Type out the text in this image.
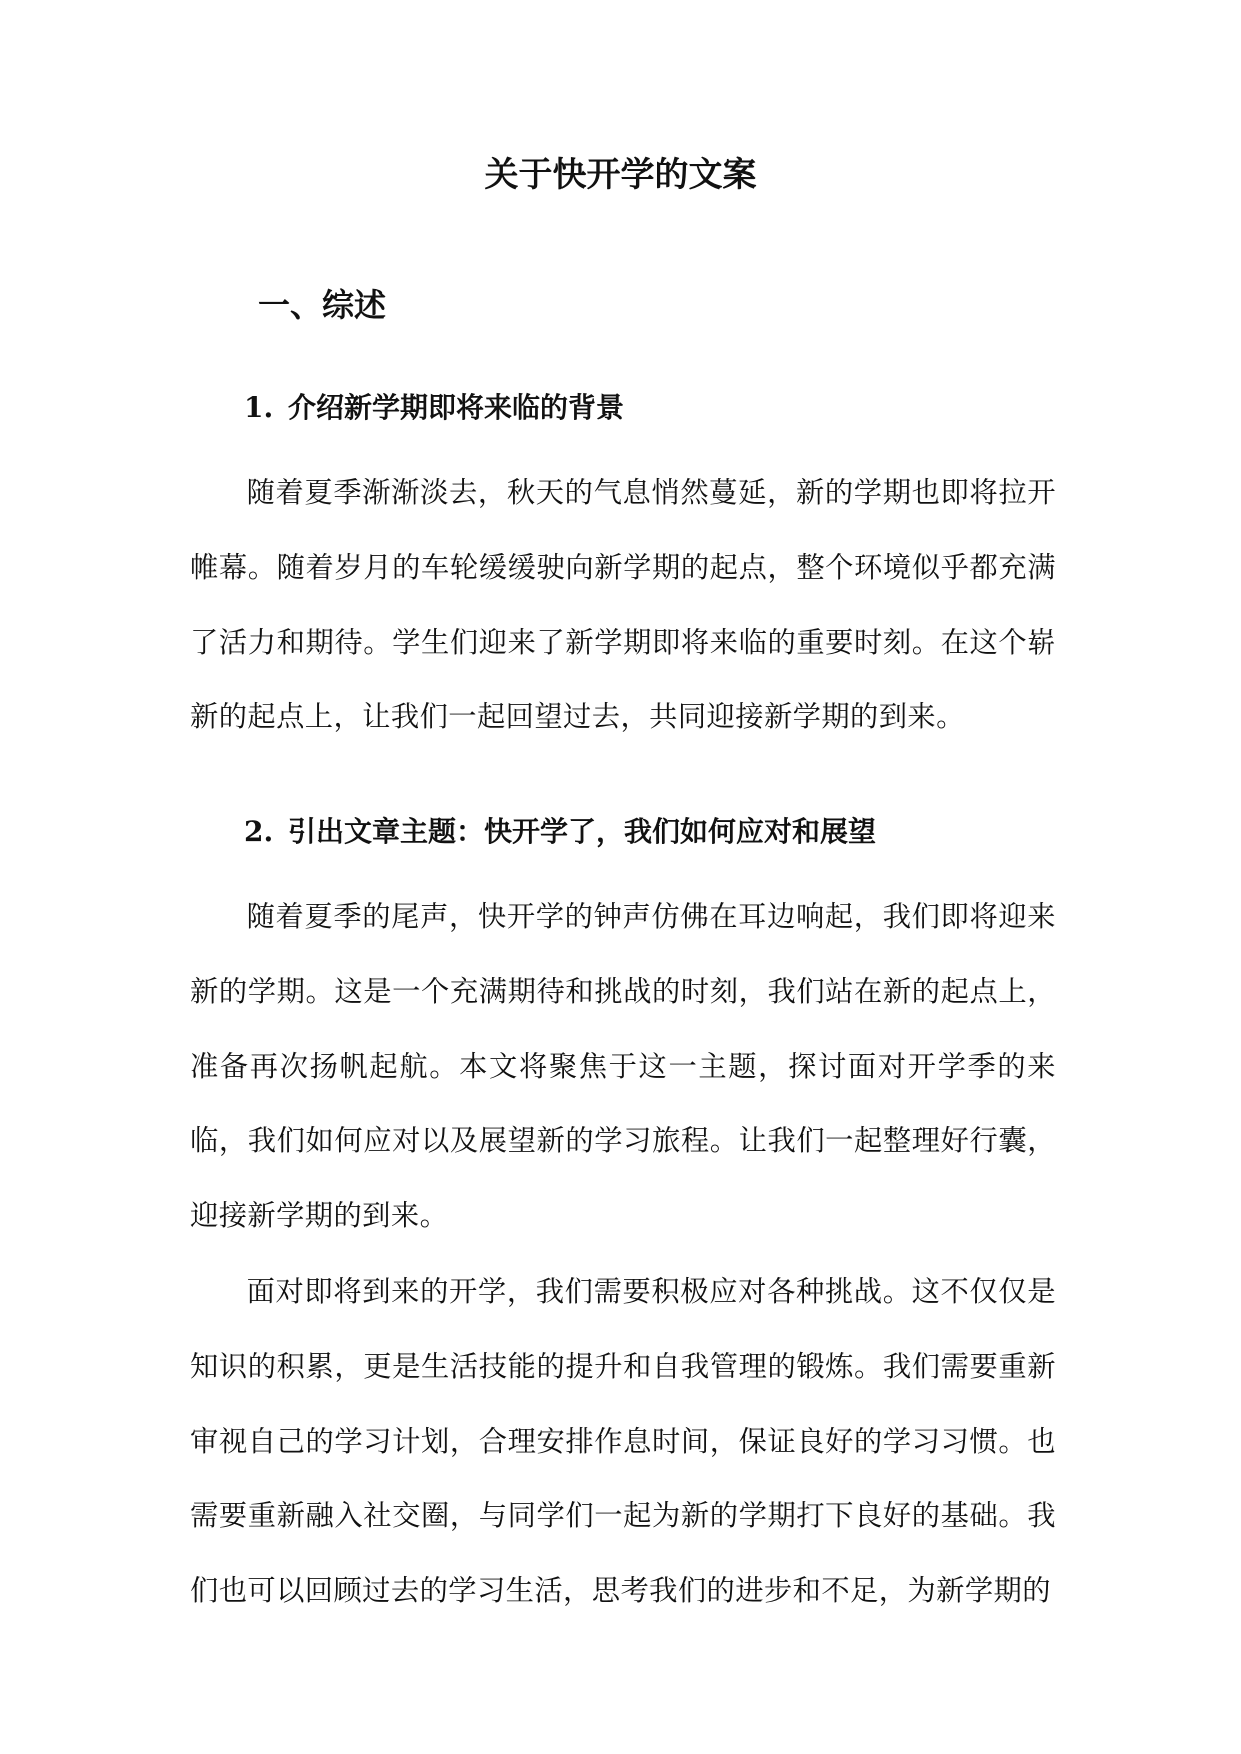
关于快开学的文案
一、综述
1. 介绍新学期即将来临的背景

随着夏季渐渐淡去，秋天的气息悄然蔓延，新的学期也即将拉开帷幕。随着岁月的车轮缓缓驶向新学期的起点，整个环境似乎都充满了活力和期待。学生们迎来了新学期即将来临的重要时刻。在这个崭新的起点上，让我们一起回望过去，共同迎接新学期的到来。

2. 引出文章主题：快开学了，我们如何应对和展望

随着夏季的尾声，快开学的钟声仿佛在耳边响起，我们即将迎来新的学期。这是一个充满期待和挑战的时刻，我们站在新的起点上，准备再次扬帆起航。本文将聚焦于这一主题，探讨面对开学季的来临，我们如何应对以及展望新的学习旅程。让我们一起整理好行囊，迎接新学期的到来。

面对即将到来的开学，我们需要积极应对各种挑战。这不仅仅是知识的积累，更是生活技能的提升和自我管理的锻炼。我们需要重新审视自己的学习计划，合理安排作息时间，保证良好的学习习惯。也需要重新融入社交圈，与同学们一起为新的学期打下良好的基础。我们也可以回顾过去的学习生活，思考我们的进步和不足，为新学期的
